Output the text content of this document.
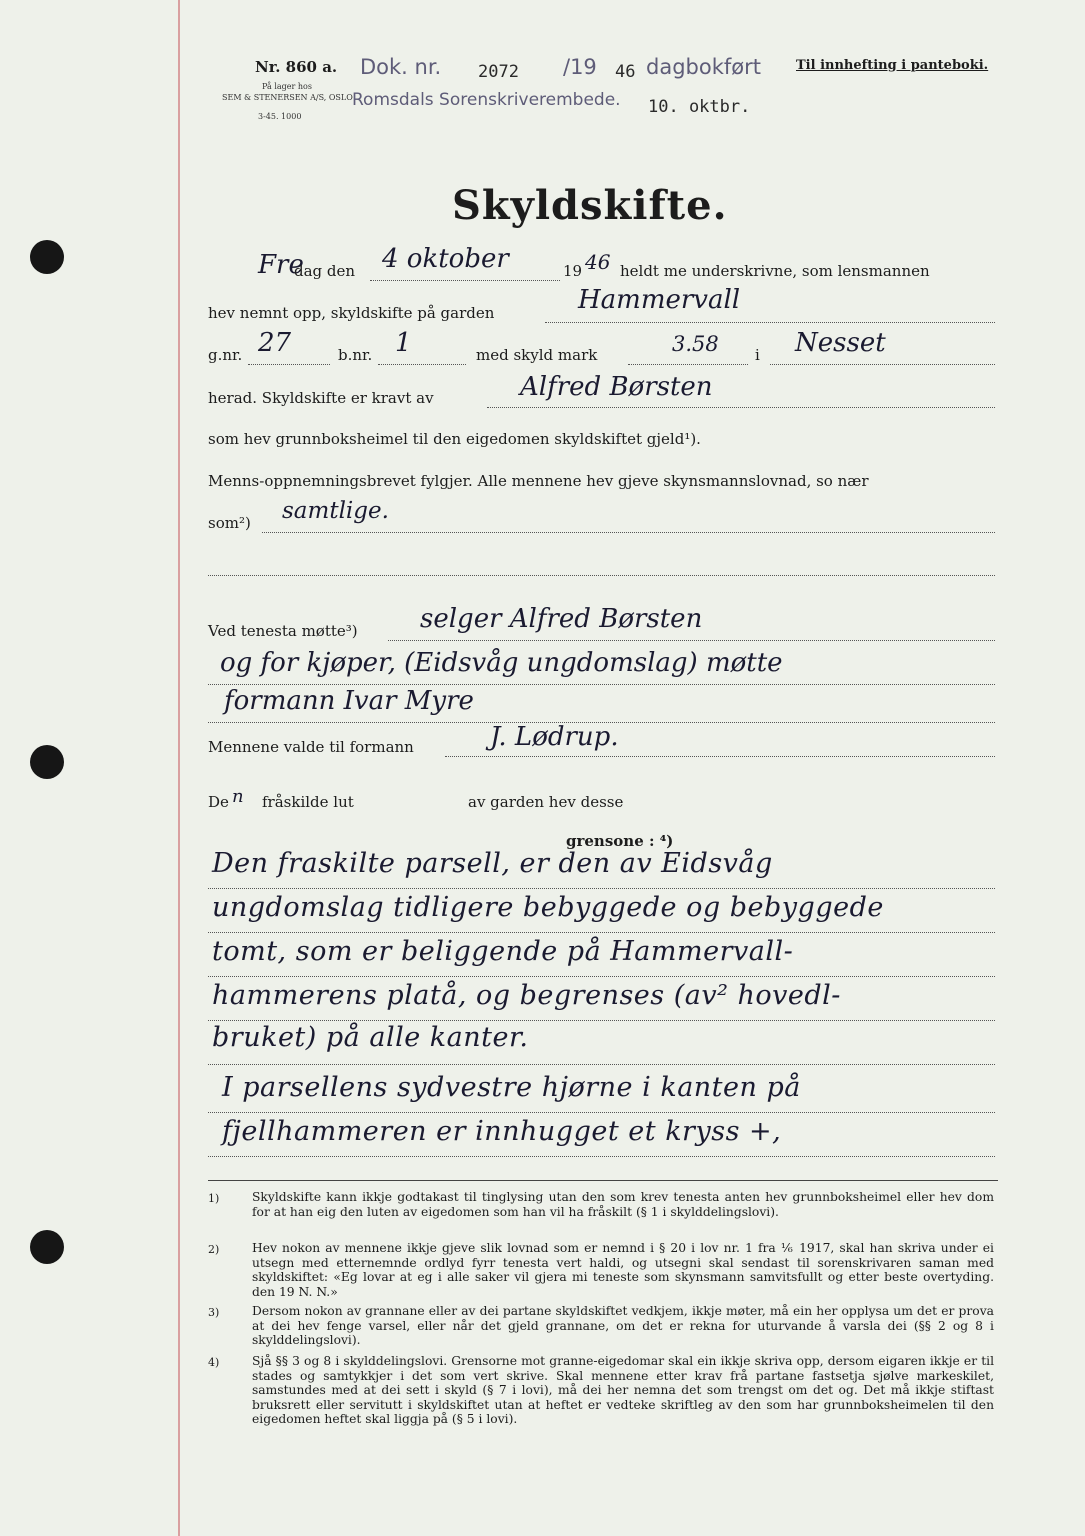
Nr. 860 a.
På lager hos
SEM & STENERSEN A/S, OSLO
3-45. 1000
Dok. nr. 2072 /19 46 dagbokført	Til innhefting i panteboki.
Romsdals Sorenskriverembede. 10. oktbr.
Skyldskifte.
Fre
dag den 4 oktober	19 46 heldt me underskrivne, som lensmannen
hev nemnt opp, skyldskifte på garden	Hammervall
g.nr. 27	b.nr. 1	med skyld mark	3.58 i Nesset
herad. Skyldskifte er kravt av	Alfred Børsten
som hev grunnboksheimel til den eigedomen skyldskiftet gjeld¹).
Menns-oppnemningsbrevet fylgjer. Alle mennene hev gjeve skynsmannslovnad, so nær
som²) samtlige.
Ved tenesta møtte³) selger Alfred Børsten
og for kjøper, (Eidsvåg ungdomslag) møtte
formann Ivar Myre
Mennene valde til formann	J. Lødrup.
De n fråskilde lut	av garden hev desse
grensone : ⁴)
Den fraskilte parsell, er den av Eidsvåg
ungdomslag tidligere bebyggede og bebyggede
tomt, som er beliggende på Hammervall-
hammerens platå, og begrenses (av² hovedl-
bruket) på alle kanter.
I parsellens sydvestre hjørne i kanten på
fjellhammeren er innhugget et kryss +,
1)	Skyldskifte kann ikkje godtakast til tinglysing utan den som krev tenesta anten hev grunnboksheimel eller hev dom for at han eig den luten av eigedomen som han vil ha fråskilt (§ 1 i skylddelingslovi).
2)	Hev nokon av mennene ikkje gjeve slik lovnad som er nemnd i § 20 i lov nr. 1 fra ⅙ 1917, skal han skriva under ei utsegn med etternemnde ordlyd fyrr tenesta vert haldi, og utsegni skal sendast til sorenskrivaren saman med skyldskiftet: «Eg lovar at eg i alle saker vil gjera mi teneste som skynsmann samvitsfullt og etter beste overtyding. den 19 N. N.»
3)	Dersom nokon av grannane eller av dei partane skyldskiftet vedkjem, ikkje møter, må ein her opplysa um det er prova at dei hev fenge varsel, eller når det gjeld grannane, om det er rekna for uturvande å varsla dei (§§ 2 og 8 i skylddelingslovi).
4)	Sjå §§ 3 og 8 i skylddelingslovi. Grensorne mot granne-eigedomar skal ein ikkje skriva opp, dersom eigaren ikkje er til stades og samtykkjer i det som vert skrive. Skal mennene etter krav frå partane fastsetja sjølve markeskilet, samstundes med at dei sett i skyld (§ 7 i lovi), må dei her nemna det som trengst om det og. Det må ikkje stiftast bruksrett eller servitutt i skyldskiftet utan at heftet er vedteke skriftleg av den som har grunnboksheimelen til den eigedomen heftet skal liggja på (§ 5 i lovi).
